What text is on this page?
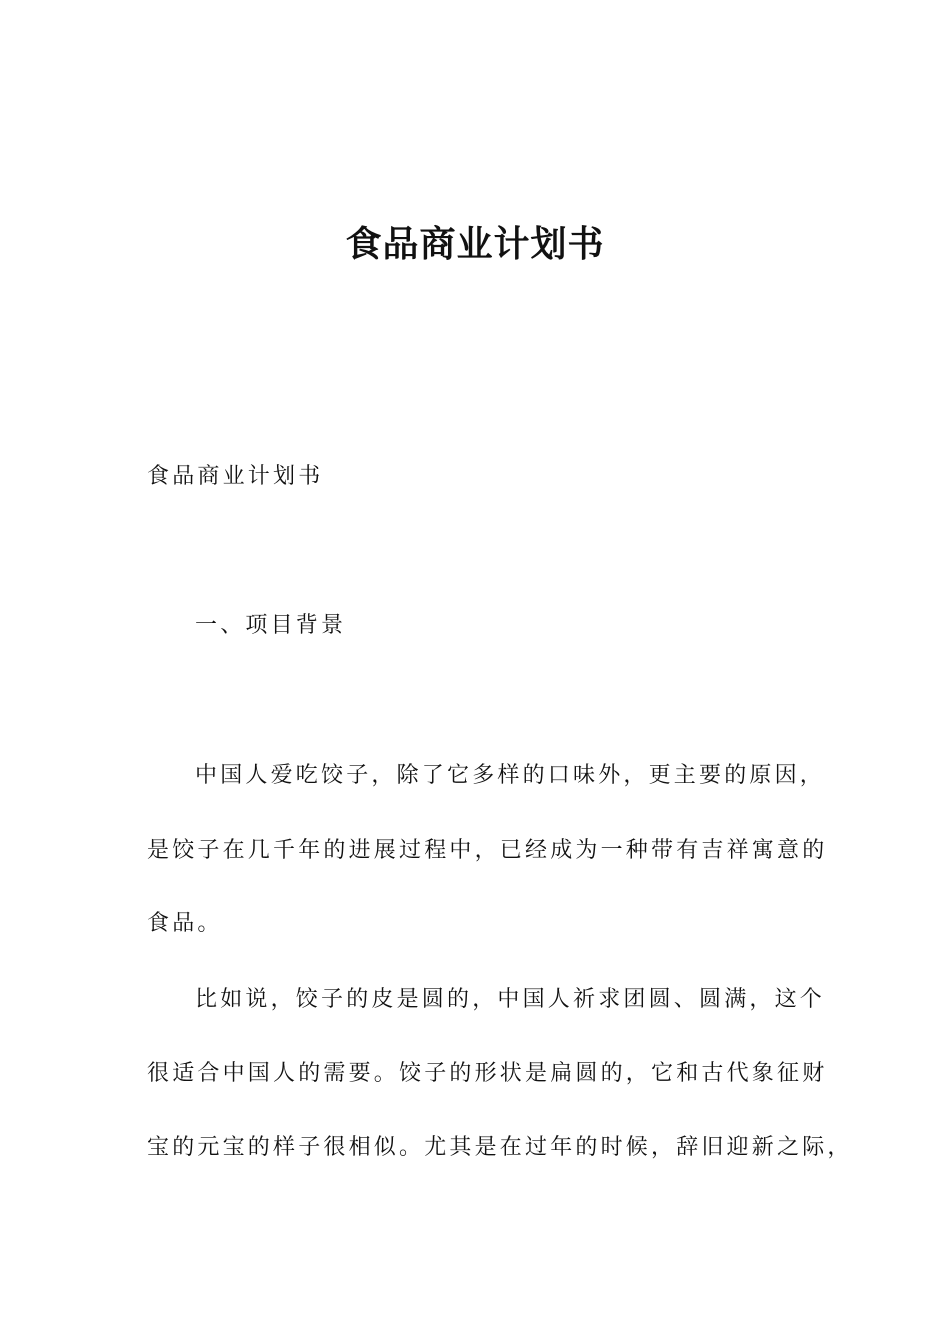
食品商业计划书

食品商业计划书

一、项目背景

中国人爱吃饺子，除了它多样的口味外，更主要的原因，

是饺子在几千年的进展过程中，已经成为一种带有吉祥寓意的

食品。

比如说，饺子的皮是圆的，中国人祈求团圆、圆满，这个

很适合中国人的需要。饺子的形状是扁圆的，它和古代象征财

宝的元宝的样子很相似。尤其是在过年的时候，辞旧迎新之际，
